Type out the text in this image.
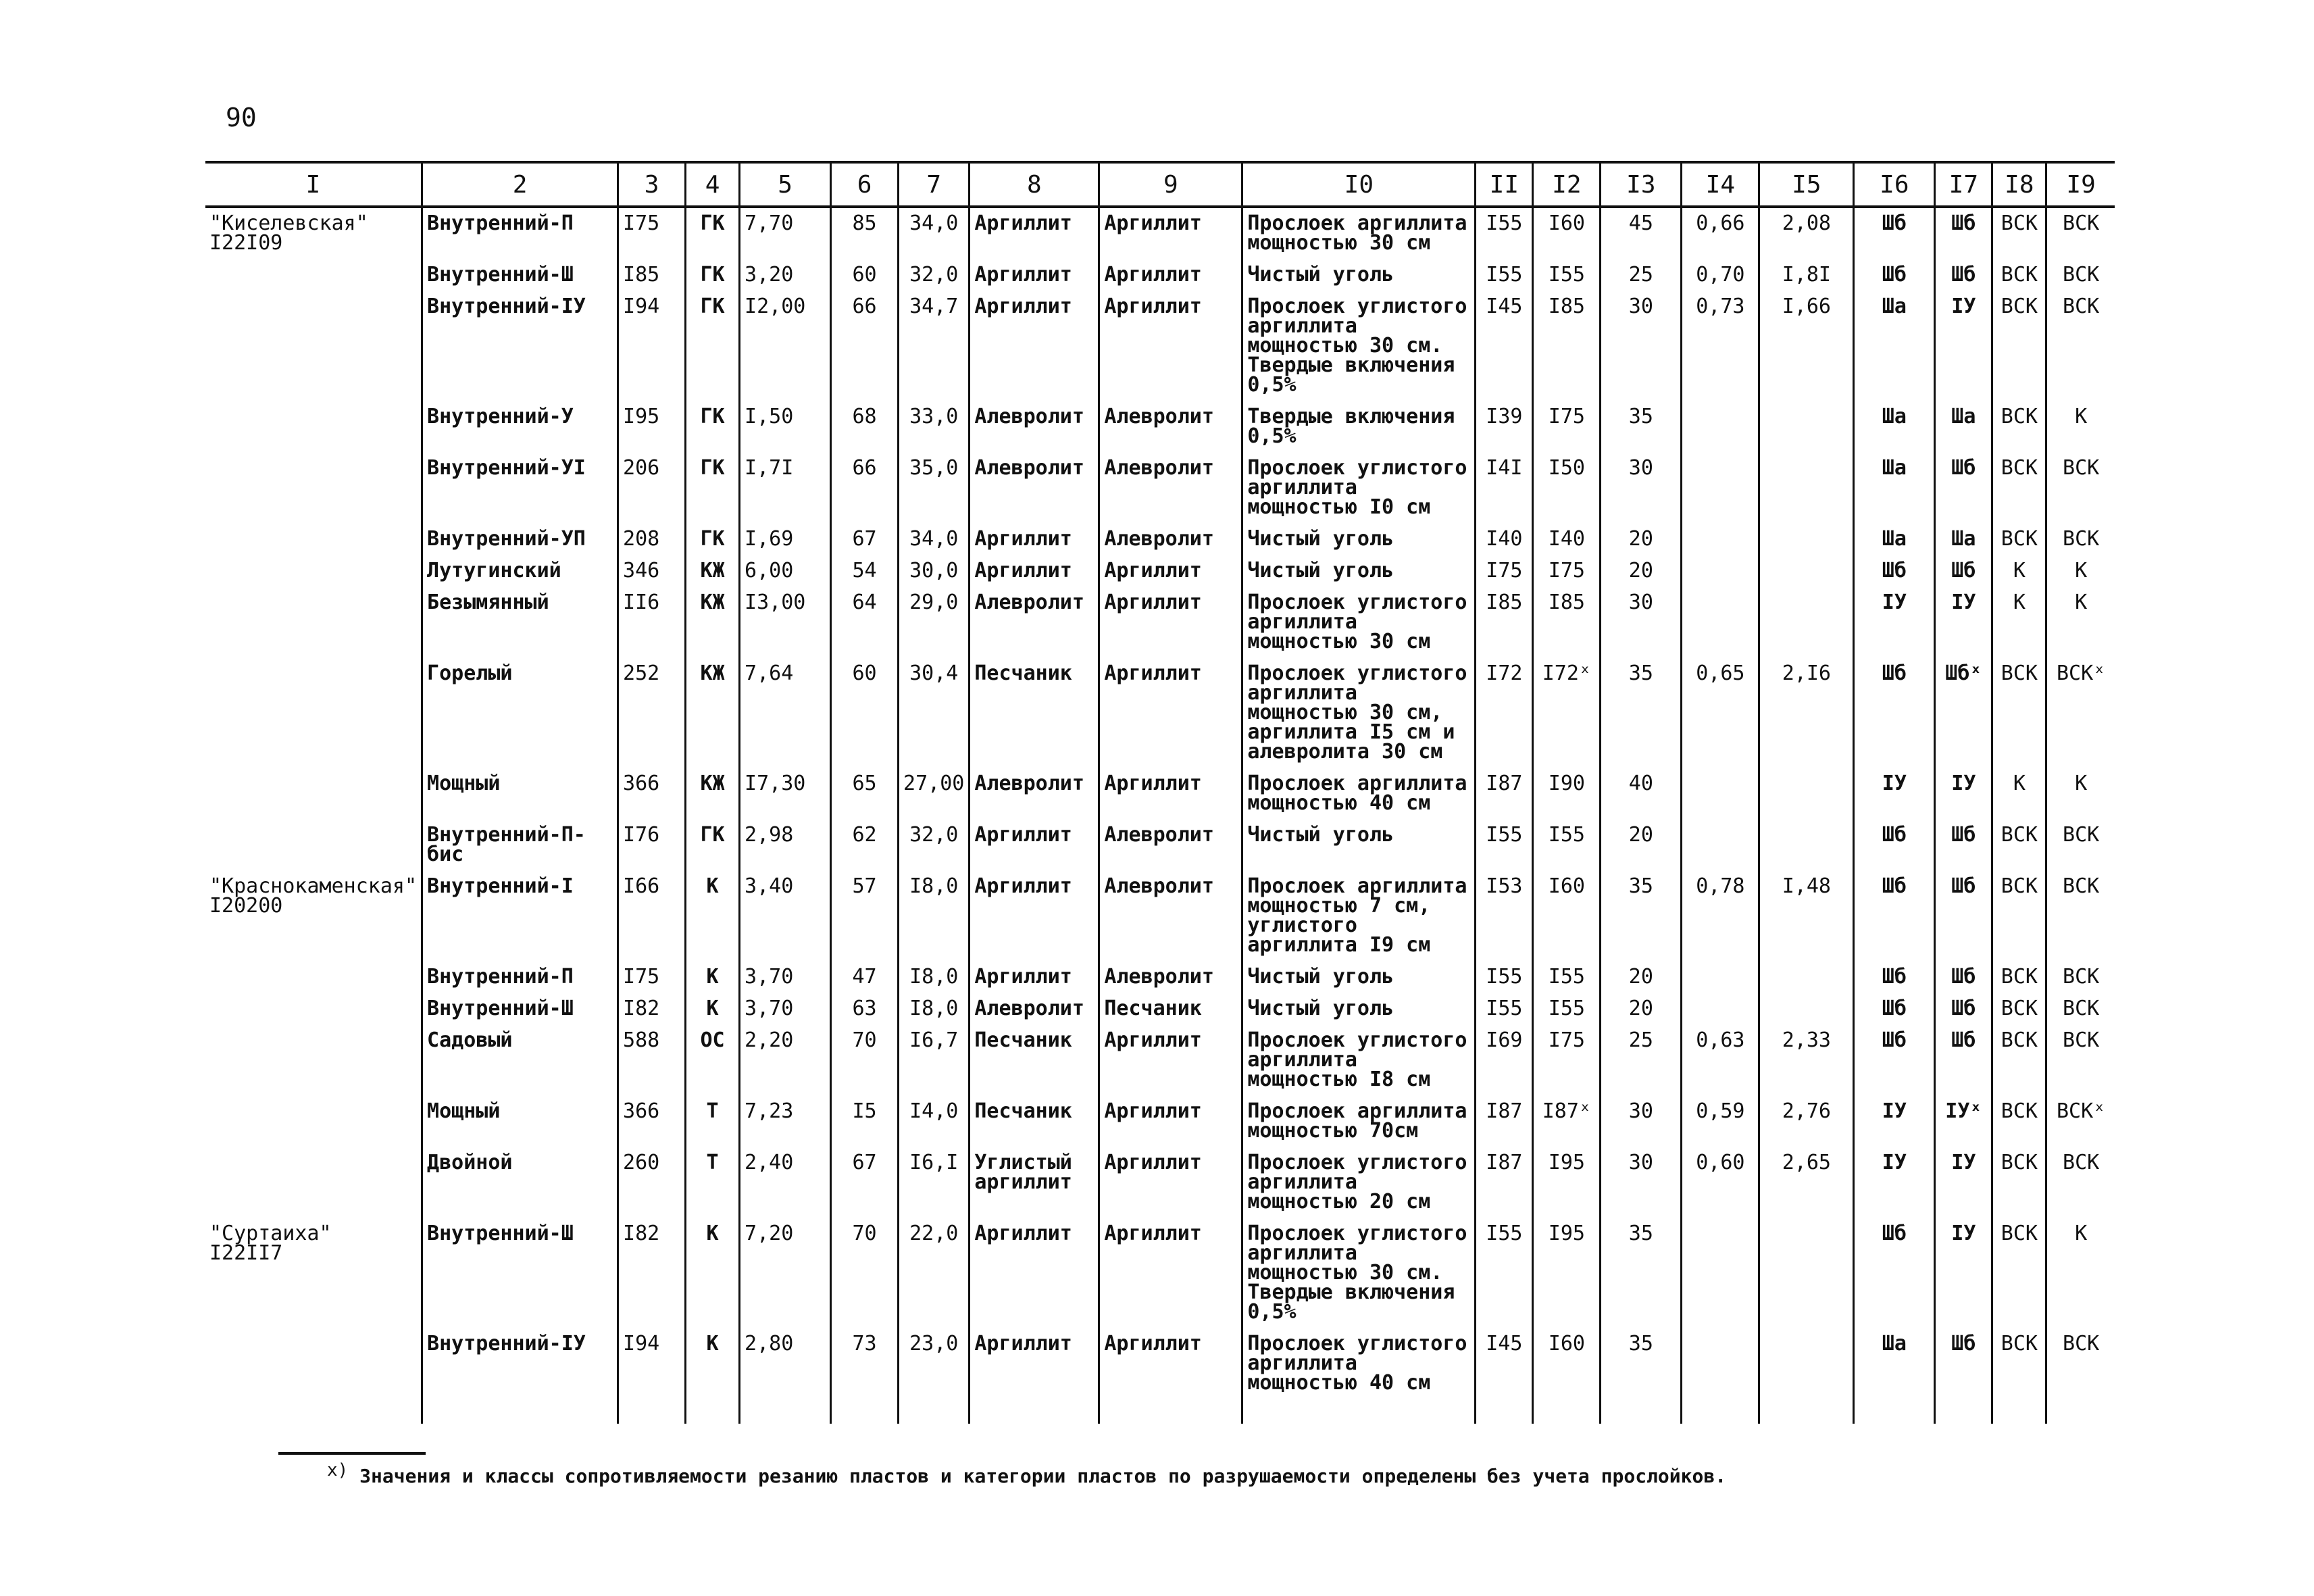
90
I	2	3	4	5	6	7	8	9	I0	II	I2	I3	I4	I5	I6	I7	I8	I9
"Киселевская"
I22I09	Внутренний-П	I75	ГК	7,70	85	34,0	Аргиллит	Аргиллит	Прослоек аргиллита мощностью 30 см	I55	I60	45	0,66	2,08	Шб	Шб	ВСК	ВСК
	Внутренний-Ш	I85	ГК	3,20	60	32,0	Аргиллит	Аргиллит	Чистый уголь	I55	I55	25	0,70	I,8I	Шб	Шб	ВСК	ВСК
	Внутренний-IУ	I94	ГК	I2,00	66	34,7	Аргиллит	Аргиллит	Прослоек углистого аргиллита мощностью 30 см. Твердые включения 0,5%	I45	I85	30	0,73	I,66	Ша	IУ	ВСК	ВСК
	Внутренний-У	I95	ГК	I,50	68	33,0	Алевролит	Алевролит	Твердые включения 0,5%	I39	I75	35			Ша	Ша	ВСК	К
	Внутренний-УI	206	ГК	I,7I	66	35,0	Алевролит	Алевролит	Прослоек углистого аргиллита мощностью I0 см	I4I	I50	30			Ша	Шб	ВСК	ВСК
	Внутренний-УП	208	ГК	I,69	67	34,0	Аргиллит	Алевролит	Чистый уголь	I40	I40	20			Ша	Ша	ВСК	ВСК
	Лутугинский	346	КЖ	6,00	54	30,0	Аргиллит	Аргиллит	Чистый уголь	I75	I75	20			Шб	Шб	К	К
	Безымянный	II6	КЖ	I3,00	64	29,0	Алевролит	Аргиллит	Прослоек углистого аргиллита мощностью 30 см	I85	I85	30			IУ	IУ	К	К
	Горелый	252	КЖ	7,64	60	30,4	Песчаник	Аргиллит	Прослоек углистого аргиллита мощностью 30 см, аргиллита I5 см и алевролита 30 см	I72	I72ˣ	35	0,65	2,I6	Шб	Шбˣ	ВСК	ВСКˣ
	Мощный	366	КЖ	I7,30	65	27,00	Алевролит	Аргиллит	Прослоек аргиллита мощностью 40 см	I87	I90	40			IУ	IУ	К	К
	Внутренний-П-бис	I76	ГК	2,98	62	32,0	Аргиллит	Алевролит	Чистый уголь	I55	I55	20			Шб	Шб	ВСК	ВСК
"Краснокаменская"
I20200	Внутренний-I	I66	К	3,40	57	I8,0	Аргиллит	Алевролит	Прослоек аргиллита мощностью 7 см, углистого аргиллита I9 см	I53	I60	35	0,78	I,48	Шб	Шб	ВСК	ВСК
	Внутренний-П	I75	К	3,70	47	I8,0	Аргиллит	Алевролит	Чистый уголь	I55	I55	20			Шб	Шб	ВСК	ВСК
	Внутренний-Ш	I82	К	3,70	63	I8,0	Алевролит	Песчаник	Чистый уголь	I55	I55	20			Шб	Шб	ВСК	ВСК
	Садовый	588	ОС	2,20	70	I6,7	Песчаник	Аргиллит	Прослоек углистого аргиллита мощностью I8 см	I69	I75	25	0,63	2,33	Шб	Шб	ВСК	ВСК
	Мощный	366	Т	7,23	I5	I4,0	Песчаник	Аргиллит	Прослоек аргиллита мощностью 70см	I87	I87ˣ	30	0,59	2,76	IУ	IУˣ	ВСК	ВСКˣ
	Двойной	260	Т	2,40	67	I6,I	Углистый аргиллит	Аргиллит	Прослоек углистого аргиллита мощностью 20 см	I87	I95	30	0,60	2,65	IУ	IУ	ВСК	ВСК
"Суртаиха"
I22II7	Внутренний-Ш	I82	К	7,20	70	22,0	Аргиллит	Аргиллит	Прослоек углистого аргиллита мощностью 30 см. Твердые включения 0,5%	I55	I95	35			Шб	IУ	ВСК	К
	Внутренний-IУ	I94	К	2,80	73	23,0	Аргиллит	Аргиллит	Прослоек углистого аргиллита мощностью 40 см	I45	I60	35			Ша	Шб	ВСК	ВСК
x) Значения и классы сопротивляемости резанию пластов и категории пластов по разрушаемости определены без учета прослойков.
